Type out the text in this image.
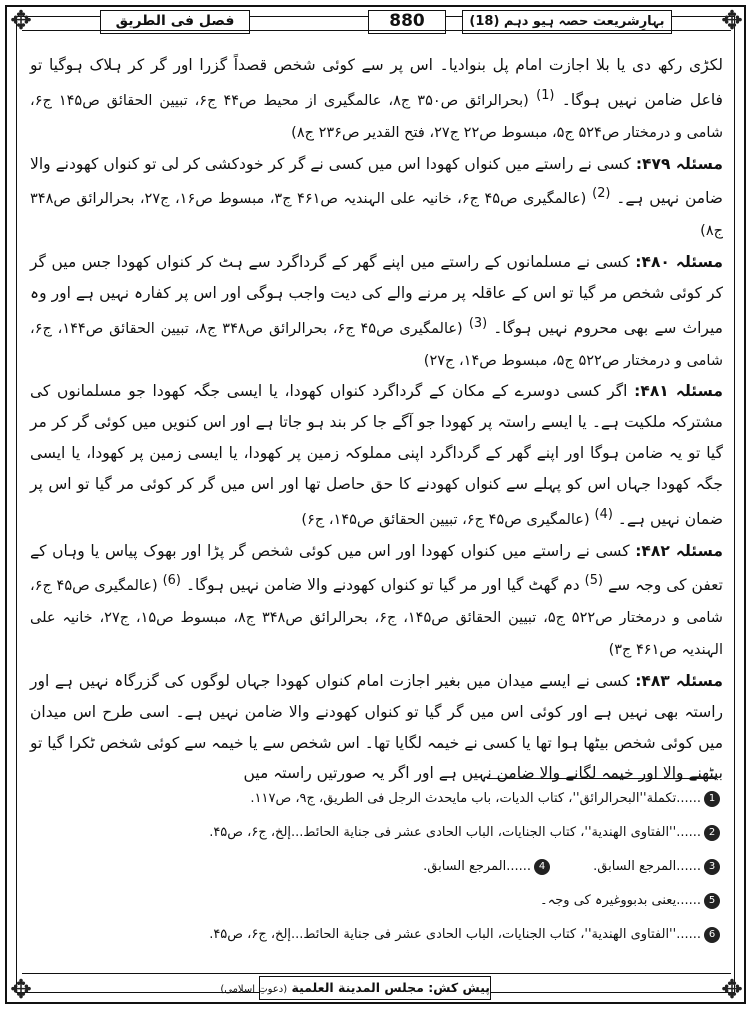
✥	✥
✥	✥
فصل فی الطریق	880	بہارِشریعت حصہ ہیو دہم (18)

لکڑی رکھ دی یا بلا اجازت امام پل بنوادیا۔ اس پر سے کوئی شخص قصداً گزرا اور گر کر ہلاک ہوگیا تو فاعل ضامن نہیں ہوگا۔ $^{(1)}$ (بحرالرائق ص۳۵۰ ج۸، عالمگیری از محیط ص۴۴ ج۶، تبیین الحقائق ص۱۴۵ ج۶، شامی و درمختار ص۵۲۴ ج۵، مبسوط ص۲۲ ج۲۷، فتح القدیر ص۲۳۶ ج۸)

مسئلہ ۴۷۹: کسی نے راستے میں کنواں کھودا اس میں کسی نے گر کر خودکشی کر لی تو کنواں کھودنے والا ضامن نہیں ہے۔ $^{(2)}$ (عالمگیری ص۴۵ ج۶، خانیہ علی الہندیہ ص۴۶۱ ج۳، مبسوط ص۱۶، ج۲۷، بحرالرائق ص۳۴۸ ج۸)

مسئلہ ۴۸۰: کسی نے مسلمانوں کے راستے میں اپنے گھر کے گرداگرد سے ہٹ کر کنواں کھودا جس میں گر کر کوئی شخص مر گیا تو اس کے عاقلہ پر مرنے والے کی دیت واجب ہوگی اور اس پر کفارہ نہیں ہے اور وہ میراث سے بھی محروم نہیں ہوگا۔ $^{(3)}$ (عالمگیری ص۴۵ ج۶، بحرالرائق ص۳۴۸ ج۸، تبیین الحقائق ص۱۴۴، ج۶، شامی و درمختار ص۵۲۲ ج۵، مبسوط ص۱۴، ج۲۷)

مسئلہ ۴۸۱: اگر کسی دوسرے کے مکان کے گرداگرد کنواں کھودا، یا ایسی جگہ کھودا جو مسلمانوں کی مشترکہ ملکیت ہے۔ یا ایسے راستہ پر کھودا جو آگے جا کر بند ہو جاتا ہے اور اس کنویں میں کوئی گر کر مر گیا تو یہ ضامن ہوگا اور اپنے گھر کے گرداگرد اپنی مملوکہ زمین پر کھودا، یا ایسی زمین پر کھودا، یا ایسی جگہ کھودا جہاں اس کو پہلے سے کنواں کھودنے کا حق حاصل تھا اور اس میں گر کر کوئی مر گیا تو اس پر ضمان نہیں ہے۔ $^{(4)}$ (عالمگیری ص۴۵ ج۶، تبیین الحقائق ص۱۴۵، ج۶)

مسئلہ ۴۸۲: کسی نے راستے میں کنواں کھودا اور اس میں کوئی شخص گر پڑا اور بھوک پیاس یا وہاں کے تعفن کی وجہ سے $^{(5)}$ دم گھٹ گیا اور مر گیا تو کنواں کھودنے والا ضامن نہیں ہوگا۔ $^{(6)}$ (عالمگیری ص۴۵ ج۶، شامی و درمختار ص۵۲۲ ج۵، تبیین الحقائق ص۱۴۵، ج۶، بحرالرائق ص۳۴۸ ج۸، مبسوط ص۱۵، ج۲۷، خانیہ علی الہندیہ ص۴۶۱ ج۳)

مسئلہ ۴۸۳: کسی نے ایسے میدان میں بغیر اجازت امام کنواں کھودا جہاں لوگوں کی گزرگاہ نہیں ہے اور راستہ بھی نہیں ہے اور کوئی اس میں گر گیا تو کنواں کھودنے والا ضامن نہیں ہے۔ اسی طرح اس میدان میں کوئی شخص بیٹھا ہوا تھا یا کسی نے خیمہ لگایا تھا۔ اس شخص سے یا خیمہ سے کوئی شخص ٹکرا گیا تو بیٹھنے والا اور خیمہ لگانے والا ضامن نہیں ہے اور اگر یہ صورتیں راستہ میں

1......تکملة''البحرالرائق''، کتاب الدیات، باب مایحدث الرجل فی الطریق، ج۹، ص۱۱۷.
2......''الفتاوی الھندیة''، کتاب الجنایات، الباب الحادی عشر فی جنایة الحائط...إلخ، ج۶، ص۴۵.
3......المرجع السابق.
4......المرجع السابق.
5......یعنی بدبووغیرہ کی وجہ۔
6......''الفتاوی الھندیة''، کتاب الجنایات، الباب الحادی عشر فی جنایة الحائط...إلخ، ج۶، ص۴۵.
پیش کش: مجلس المدینة العلمیة (دعوتِ اسلامی)
